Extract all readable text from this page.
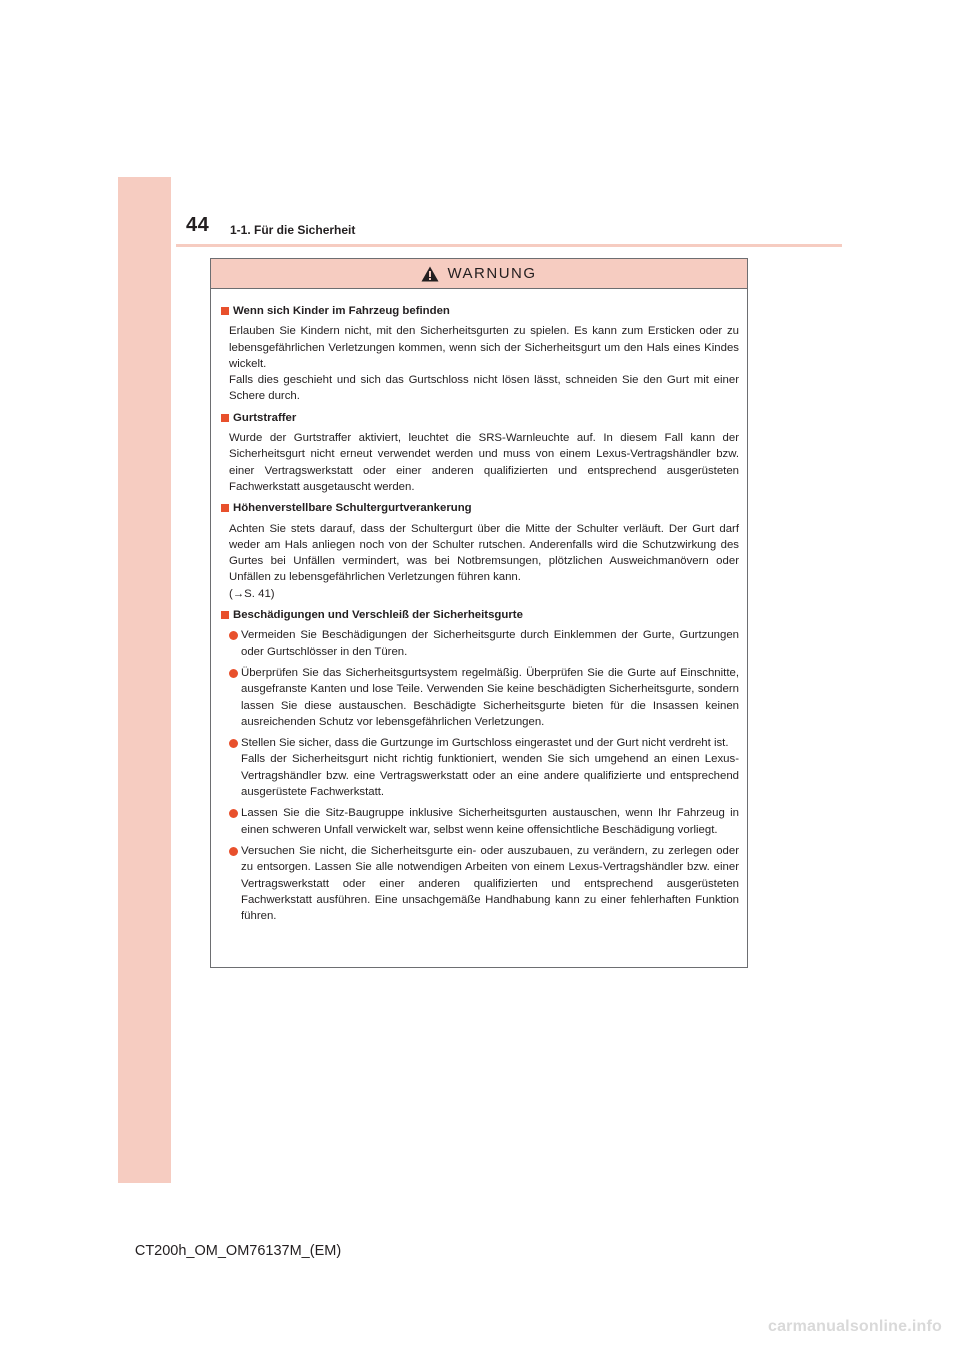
44 1-1. Für die Sicherheit
WARNUNG
Wenn sich Kinder im Fahrzeug befinden

Erlauben Sie Kindern nicht, mit den Sicherheitsgurten zu spielen. Es kann zum Ersticken oder zu lebensgefährlichen Verletzungen kommen, wenn sich der Sicherheitsgurt um den Hals eines Kindes wickelt.

Falls dies geschieht und sich das Gurtschloss nicht lösen lässt, schneiden Sie den Gurt mit einer Schere durch.

Gurtstraffer

Wurde der Gurtstraffer aktiviert, leuchtet die SRS-Warnleuchte auf. In diesem Fall kann der Sicherheitsgurt nicht erneut verwendet werden und muss von einem Lexus-Vertragshändler bzw. einer Vertragswerkstatt oder einer anderen qualifizierten und entsprechend ausgerüsteten Fachwerkstatt ausgetauscht werden.

Höhenverstellbare Schultergurtverankerung

Achten Sie stets darauf, dass der Schultergurt über die Mitte der Schulter verläuft. Der Gurt darf weder am Hals anliegen noch von der Schulter rutschen. Anderenfalls wird die Schutzwirkung des Gurtes bei Unfällen vermindert, was bei Notbremsungen, plötzlichen Ausweichmanövern oder Unfällen zu lebensgefährlichen Verletzungen führen kann.

(→S. 41)

Beschädigungen und Verschleiß der Sicherheitsgurte

Vermeiden Sie Beschädigungen der Sicherheitsgurte durch Einklemmen der Gurte, Gurtzungen oder Gurtschlösser in den Türen.

Überprüfen Sie das Sicherheitsgurtsystem regelmäßig. Überprüfen Sie die Gurte auf Einschnitte, ausgefranste Kanten und lose Teile. Verwenden Sie keine beschädigten Sicherheitsgurte, sondern lassen Sie diese austauschen. Beschädigte Sicherheitsgurte bieten für die Insassen keinen ausreichenden Schutz vor lebensgefährlichen Verletzungen.

Stellen Sie sicher, dass die Gurtzunge im Gurtschloss eingerastet und der Gurt nicht verdreht ist.

Falls der Sicherheitsgurt nicht richtig funktioniert, wenden Sie sich umgehend an einen Lexus-Vertragshändler bzw. eine Vertragswerkstatt oder an eine andere qualifizierte und entsprechend ausgerüstete Fachwerkstatt.

Lassen Sie die Sitz-Baugruppe inklusive Sicherheitsgurten austauschen, wenn Ihr Fahrzeug in einen schweren Unfall verwickelt war, selbst wenn keine offensichtliche Beschädigung vorliegt.

Versuchen Sie nicht, die Sicherheitsgurte ein- oder auszubauen, zu verändern, zu zerlegen oder zu entsorgen. Lassen Sie alle notwendigen Arbeiten von einem Lexus-Vertragshändler bzw. einer Vertragswerkstatt oder einer anderen qualifizierten und entsprechend ausgerüsteten Fachwerkstatt ausführen. Eine unsachgemäße Handhabung kann zu einer fehlerhaften Funktion führen.

CT200h_OM_OM76137M_(EM)
carmanualsonline.info
